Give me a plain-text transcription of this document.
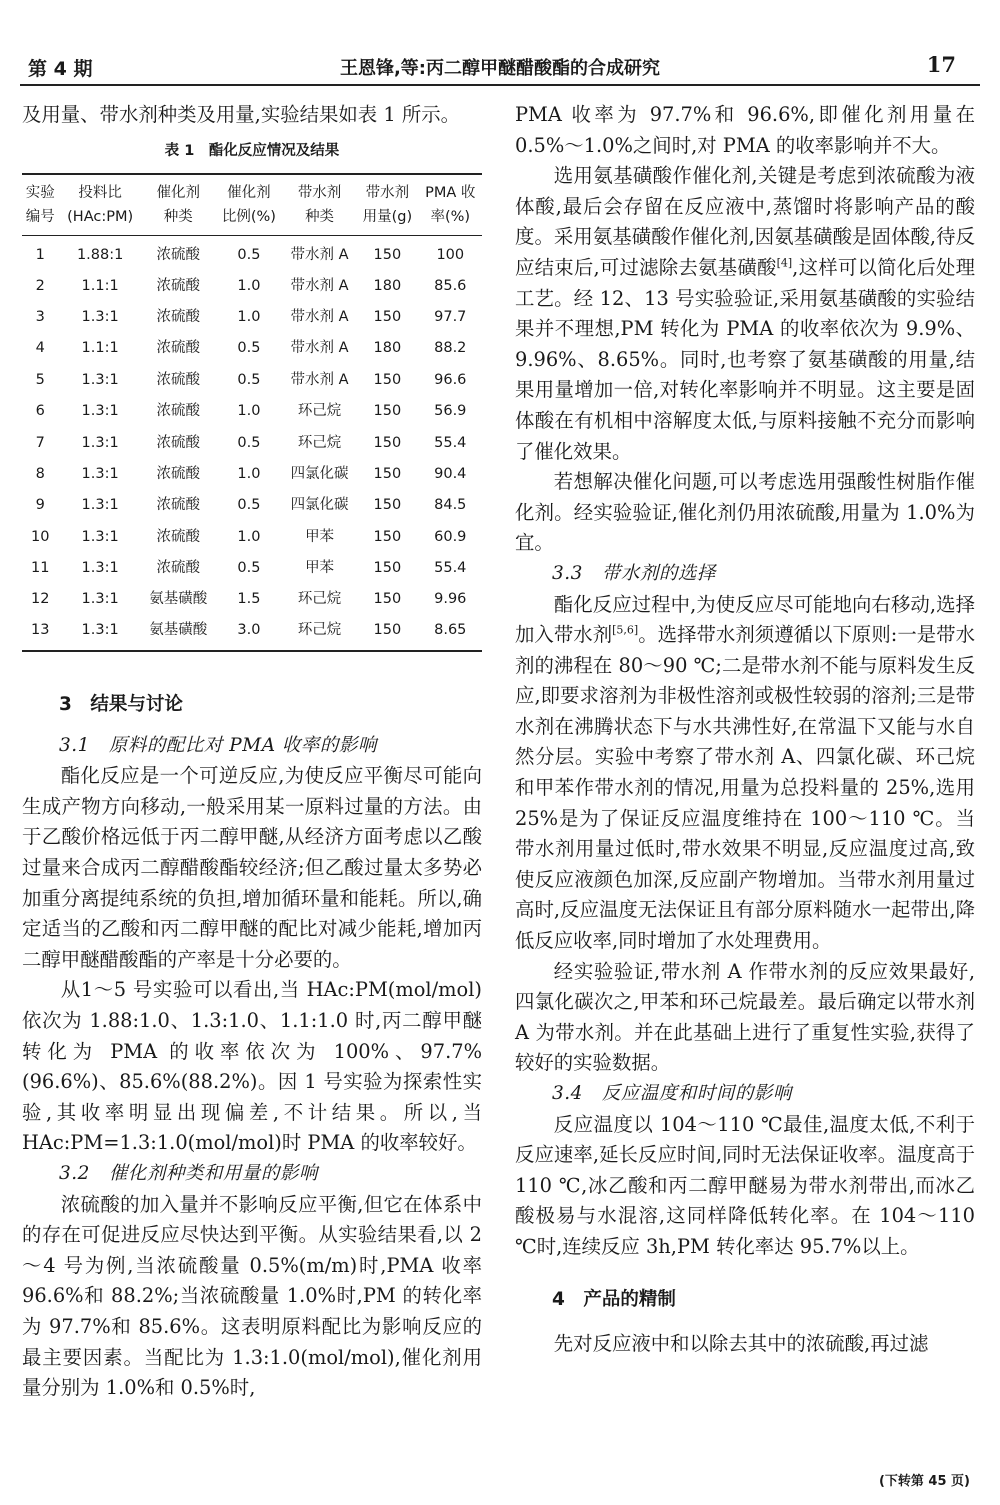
第 4 期	王恩锋,等:丙二醇甲醚醋酸酯的合成研究	17

及用量、带水剂种类及用量,实验结果如表 1 所示。

表 1　酯化反应情况及结果
实验	投料比	催化剂	催化剂	带水剂	带水剂	PMA 收
编号	(HAc:PM)	种类	比例(%)	种类	用量(g)	率(%)
1	1.88:1	浓硫酸	0.5	带水剂 A	150	100
2	1.1:1	浓硫酸	1.0	带水剂 A	180	85.6
3	1.3:1	浓硫酸	1.0	带水剂 A	150	97.7
4	1.1:1	浓硫酸	0.5	带水剂 A	180	88.2
5	1.3:1	浓硫酸	0.5	带水剂 A	150	96.6
6	1.3:1	浓硫酸	1.0	环己烷	150	56.9
7	1.3:1	浓硫酸	0.5	环己烷	150	55.4
8	1.3:1	浓硫酸	1.0	四氯化碳	150	90.4
9	1.3:1	浓硫酸	0.5	四氯化碳	150	84.5
10	1.3:1	浓硫酸	1.0	甲苯	150	60.9
11	1.3:1	浓硫酸	0.5	甲苯	150	55.4
12	1.3:1	氨基磺酸	1.5	环己烷	150	9.96
13	1.3:1	氨基磺酸	3.0	环己烷	150	8.65

3　结果与讨论

3.1　原料的配比对 PMA 收率的影响

酯化反应是一个可逆反应,为使反应平衡尽可能向生成产物方向移动,一般采用某一原料过量的方法。由于乙酸价格远低于丙二醇甲醚,从经济方面考虑以乙酸过量来合成丙二醇醋酸酯较经济;但乙酸过量太多势必加重分离提纯系统的负担,增加循环量和能耗。所以,确定适当的乙酸和丙二醇甲醚的配比对减少能耗,增加丙二醇甲醚醋酸酯的产率是十分必要的。

从1～5 号实验可以看出,当 HAc:PM(mol/mol)依次为 1.88:1.0、1.3:1.0、1.1:1.0 时,丙二醇甲醚转化为 PMA 的收率依次为 100%、97.7%(96.6%)、85.6%(88.2%)。因 1 号实验为探索性实验,其收率明显出现偏差,不计结果。所以,当 HAc:PM=1.3:1.0(mol/mol)时 PMA 的收率较好。

3.2　催化剂种类和用量的影响

浓硫酸的加入量并不影响反应平衡,但它在体系中的存在可促进反应尽快达到平衡。从实验结果看,以 2～4 号为例,当浓硫酸量 0.5%(m/m)时,PMA 收率 96.6%和 88.2%;当浓硫酸量 1.0%时,PM 的转化率为 97.7%和 85.6%。这表明原料配比为影响反应的最主要因素。当配比为 1.3:1.0(mol/mol),催化剂用量分别为 1.0%和 0.5%时,

PMA 收率为 97.7%和 96.6%,即催化剂用量在 0.5%～1.0%之间时,对 PMA 的收率影响并不大。

选用氨基磺酸作催化剂,关键是考虑到浓硫酸为液体酸,最后会存留在反应液中,蒸馏时将影响产品的酸度。采用氨基磺酸作催化剂,因氨基磺酸是固体酸,待反应结束后,可过滤除去氨基磺酸[4],这样可以简化后处理工艺。经 12、13 号实验验证,采用氨基磺酸的实验结果并不理想,PM 转化为 PMA 的收率依次为 9.9%、9.96%、8.65%。同时,也考察了氨基磺酸的用量,结果用量增加一倍,对转化率影响并不明显。这主要是固体酸在有机相中溶解度太低,与原料接触不充分而影响了催化效果。

若想解决催化问题,可以考虑选用强酸性树脂作催化剂。经实验验证,催化剂仍用浓硫酸,用量为 1.0%为宜。

3.3　带水剂的选择

酯化反应过程中,为使反应尽可能地向右移动,选择加入带水剂[5,6]。选择带水剂须遵循以下原则:一是带水剂的沸程在 80～90 ℃;二是带水剂不能与原料发生反应,即要求溶剂为非极性溶剂或极性较弱的溶剂;三是带水剂在沸腾状态下与水共沸性好,在常温下又能与水自然分层。实验中考察了带水剂 A、四氯化碳、环己烷和甲苯作带水剂的情况,用量为总投料量的 25%,选用 25%是为了保证反应温度维持在 100～110 ℃。当带水剂用量过低时,带水效果不明显,反应温度过高,致使反应液颜色加深,反应副产物增加。当带水剂用量过高时,反应温度无法保证且有部分原料随水一起带出,降低反应收率,同时增加了水处理费用。

经实验验证,带水剂 A 作带水剂的反应效果最好,四氯化碳次之,甲苯和环己烷最差。最后确定以带水剂 A 为带水剂。并在此基础上进行了重复性实验,获得了较好的实验数据。

3.4　反应温度和时间的影响

反应温度以 104～110 ℃最佳,温度太低,不利于反应速率,延长反应时间,同时无法保证收率。温度高于 110 ℃,冰乙酸和丙二醇甲醚易为带水剂带出,而冰乙酸极易与水混溶,这同样降低转化率。在 104～110 ℃时,连续反应 3h,PM 转化率达 95.7%以上。

4　产品的精制

先对反应液中和以除去其中的浓硫酸,再过滤

(下转第 45 页)
